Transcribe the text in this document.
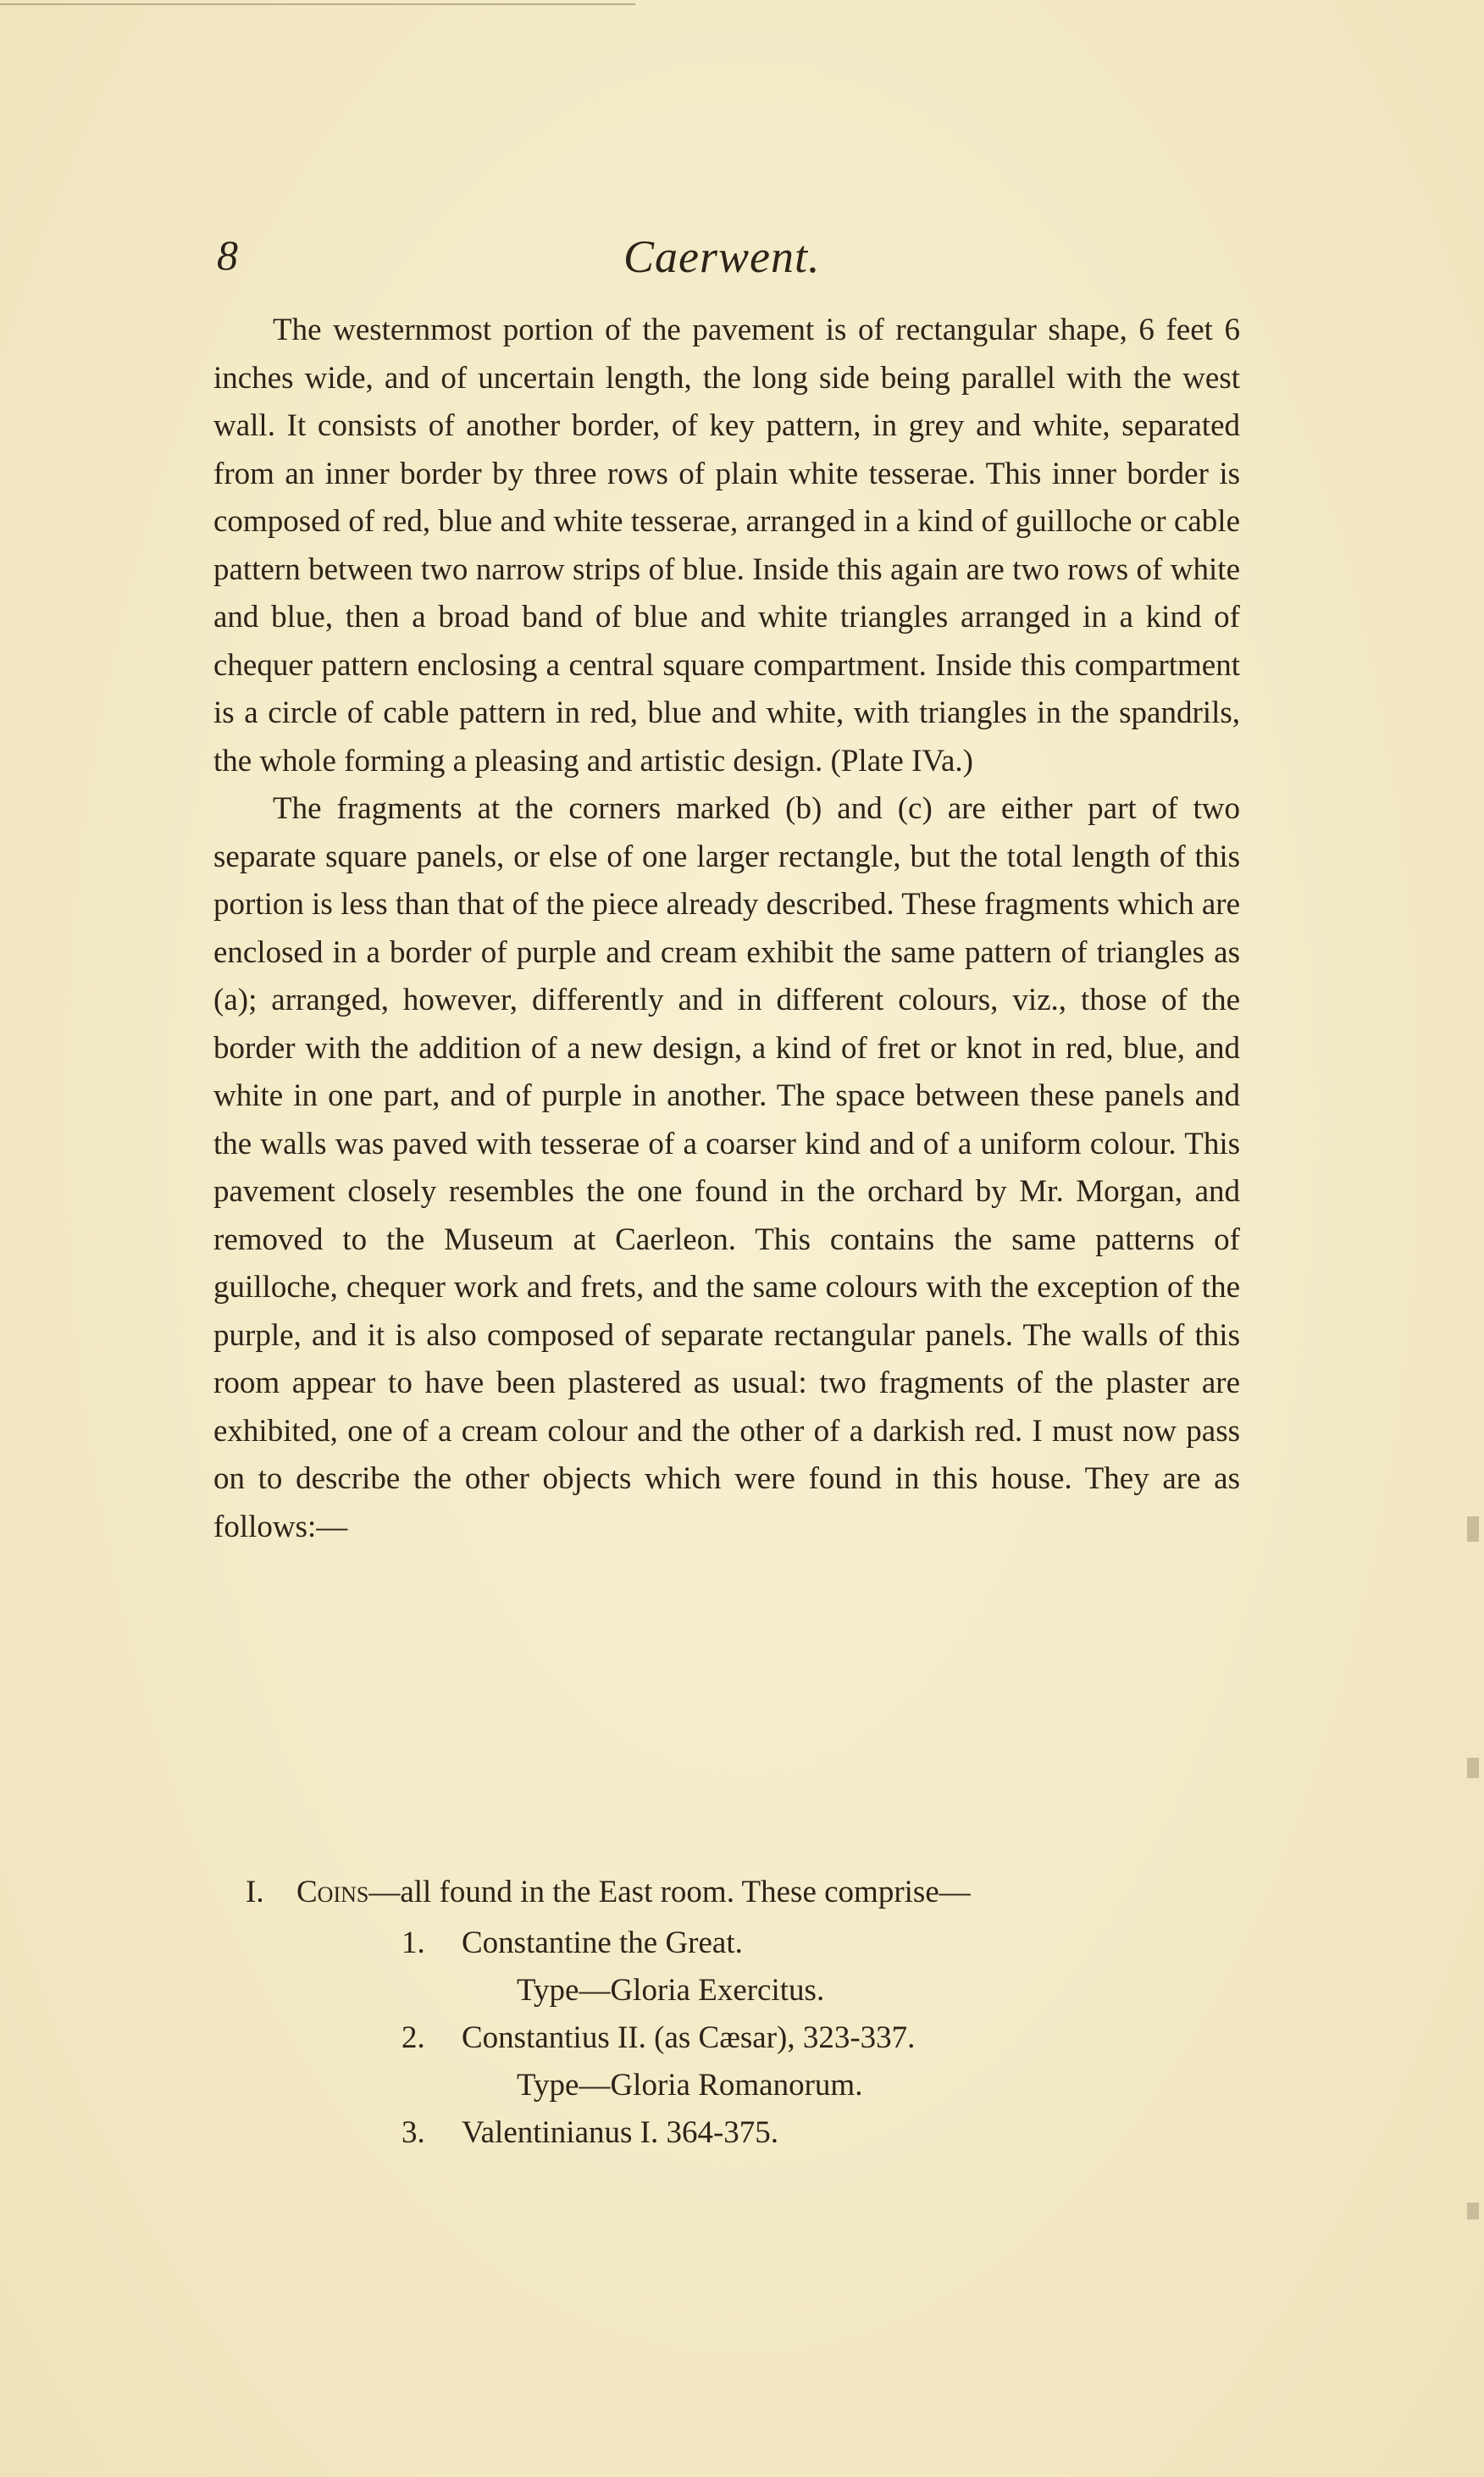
8	Caerwent.

The westernmost portion of the pavement is of rectangular shape, 6 feet 6 inches wide, and of uncertain length, the long side being parallel with the west wall. It consists of another border, of key pattern, in grey and white, separated from an inner border by three rows of plain white tesserae. This inner border is composed of red, blue and white tesserae, arranged in a kind of guilloche or cable pattern between two narrow strips of blue. Inside this again are two rows of white and blue, then a broad band of blue and white triangles arranged in a kind of chequer pattern enclosing a central square compartment. Inside this compartment is a circle of cable pattern in red, blue and white, with triangles in the spandrils, the whole forming a pleasing and artistic design. (Plate IVa.)

The fragments at the corners marked (b) and (c) are either part of two separate square panels, or else of one larger rectangle, but the total length of this portion is less than that of the piece already described. These fragments which are enclosed in a border of purple and cream exhibit the same pattern of triangles as (a); arranged, however, differently and in different colours, viz., those of the border with the addition of a new design, a kind of fret or knot in red, blue, and white in one part, and of purple in another. The space between these panels and the walls was paved with tesserae of a coarser kind and of a uniform colour. This pavement closely resembles the one found in the orchard by Mr. Morgan, and removed to the Museum at Caerleon. This contains the same patterns of guilloche, chequer work and frets, and the same colours with the exception of the purple, and it is also composed of separate rectangular panels. The walls of this room appear to have been plastered as usual: two fragments of the plaster are exhibited, one of a cream colour and the other of a darkish red. I must now pass on to describe the other objects which were found in this house. They are as follows:—

I. Coins—all found in the East room. These comprise—
1. Constantine the Great.
Type—Gloria Exercitus.
2. Constantius II. (as Cæsar), 323-337.
Type—Gloria Romanorum.
3. Valentinianus I. 364-375.
